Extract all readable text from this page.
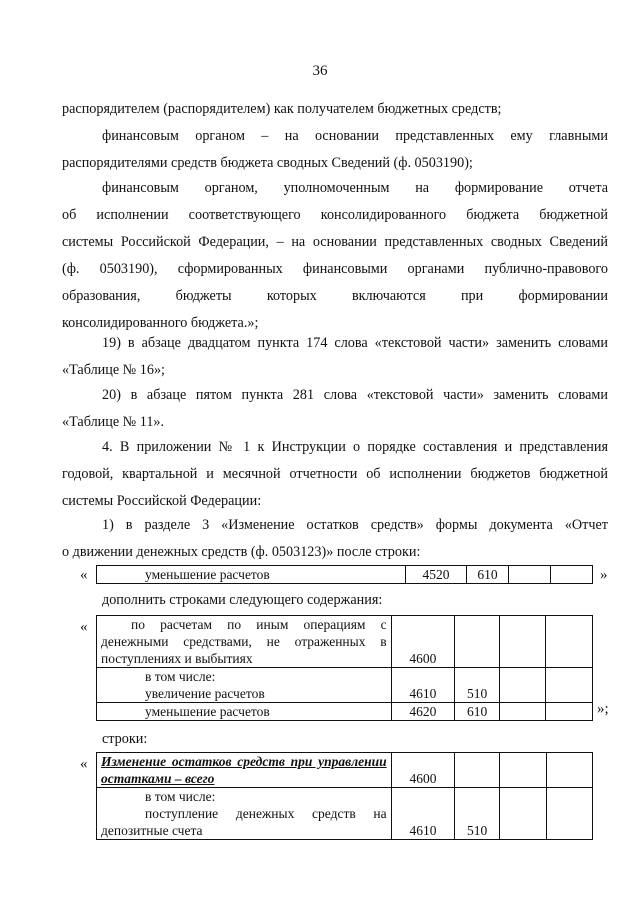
36
распорядителем (распорядителем) как получателем бюджетных средств;
финансовым органом – на основании представленных ему главными
распорядителями средств бюджета сводных Сведений (ф. 0503190);
финансовым органом, уполномоченным на формирование отчета
об исполнении соответствующего консолидированного бюджета бюджетной
системы Российской Федерации, – на основании представленных сводных Сведений
(ф. 0503190), сформированных финансовыми органами публично-правового
образования, бюджеты которых включаются при формировании
консолидированного бюджета.»;
19) в абзаце двадцатом пункта 174 слова «текстовой части» заменить словами
«Таблице № 16»;
20) в абзаце пятом пункта 281 слова «текстовой части» заменить словами
«Таблице № 11».
4. В приложении № 1 к Инструкции о порядке составления и представления
годовой, квартальной и месячной отчетности об исполнении бюджетов бюджетной
системы Российской Федерации:
1) в разделе 3 «Изменение остатков средств» формы документа «Отчет
о движении денежных средств (ф. 0503123)» после строки:
«	уменьшение расчетов	4520	610			»
дополнить строками следующего содержания:
«	по расчетам по иным операциям с денежными средствами, не отраженных в поступлениях и выбытиях	4600			

в том числе:
увеличение расчетов	4610	510		
уменьшение расчетов	4620	610			»;
строки:
« Изменение остатков средств при управлении остатками – всего	4600			

в том числе:
поступление денежных средств на депозитные счета	4610	510		
